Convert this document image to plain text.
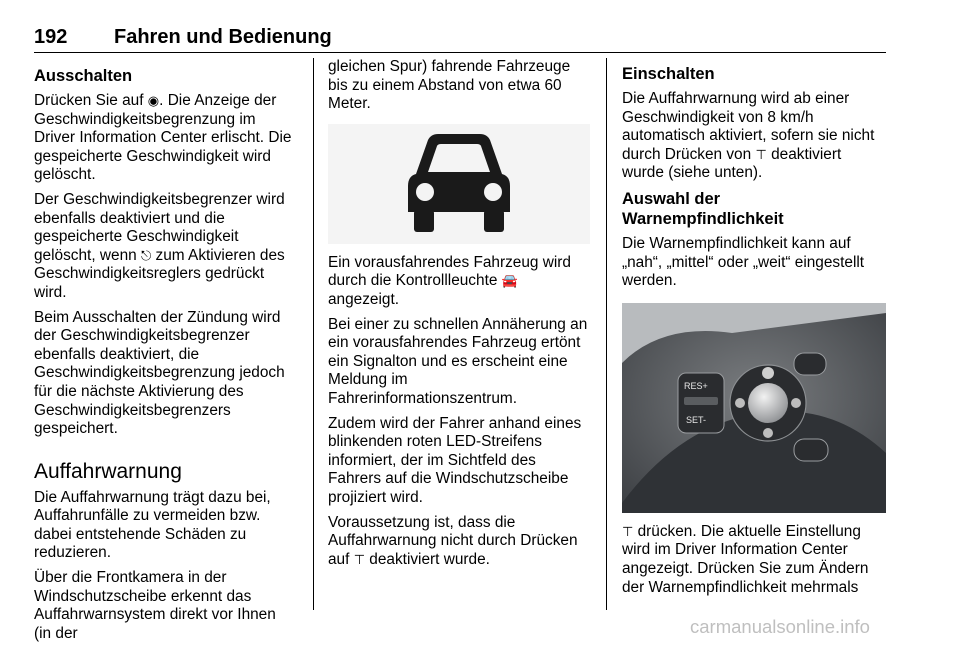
192 Fahren und Bedienung
Ausschalten

Drücken Sie auf ◉. Die Anzeige der Geschwindigkeitsbegrenzung im Driver Information Center erlischt. Die gespeicherte Geschwindigkeit wird gelöscht.

Der Geschwindigkeitsbegrenzer wird ebenfalls deaktiviert und die gespeicherte Geschwindigkeit gelöscht, wenn ⎋ zum Aktivieren des Geschwindigkeitsreglers gedrückt wird.

Beim Ausschalten der Zündung wird der Geschwindigkeitsbegrenzer ebenfalls deaktiviert, die Geschwindigkeitsbegrenzung jedoch für die nächste Aktivierung des Geschwindigkeitsbegrenzers gespeichert.

Auffahrwarnung

Die Auffahrwarnung trägt dazu bei, Auffahrunfälle zu vermeiden bzw. dabei entstehende Schäden zu reduzieren.

Über die Frontkamera in der Windschutzscheibe erkennt das Auffahrwarnsystem direkt vor Ihnen (in der

gleichen Spur) fahrende Fahrzeuge bis zu einem Abstand von etwa 60 Meter.

Ein vorausfahrendes Fahrzeug wird durch die Kontrollleuchte 🚘 angezeigt.

Bei einer zu schnellen Annäherung an ein vorausfahrendes Fahrzeug ertönt ein Signalton und es erscheint eine Meldung im Fahrerinformationszentrum.

Zudem wird der Fahrer anhand eines blinkenden roten LED-Streifens informiert, der im Sichtfeld des Fahrers auf die Windschutzscheibe projiziert wird.

Voraussetzung ist, dass die Auffahrwarnung nicht durch Drücken auf ⊤ deaktiviert wurde.

Einschalten

Die Auffahrwarnung wird ab einer Geschwindigkeit von 8 km/h automatisch aktiviert, sofern sie nicht durch Drücken von ⊤ deaktiviert wurde (siehe unten).

Auswahl der Warnempfindlichkeit

Die Warnempfindlichkeit kann auf „nah“, „mittel“ oder „weit“ eingestellt werden.

RES+
SET-

⊤ drücken. Die aktuelle Einstellung wird im Driver Information Center angezeigt. Drücken Sie zum Ändern der Warnempfindlichkeit mehrmals

carmanualsonline.info
